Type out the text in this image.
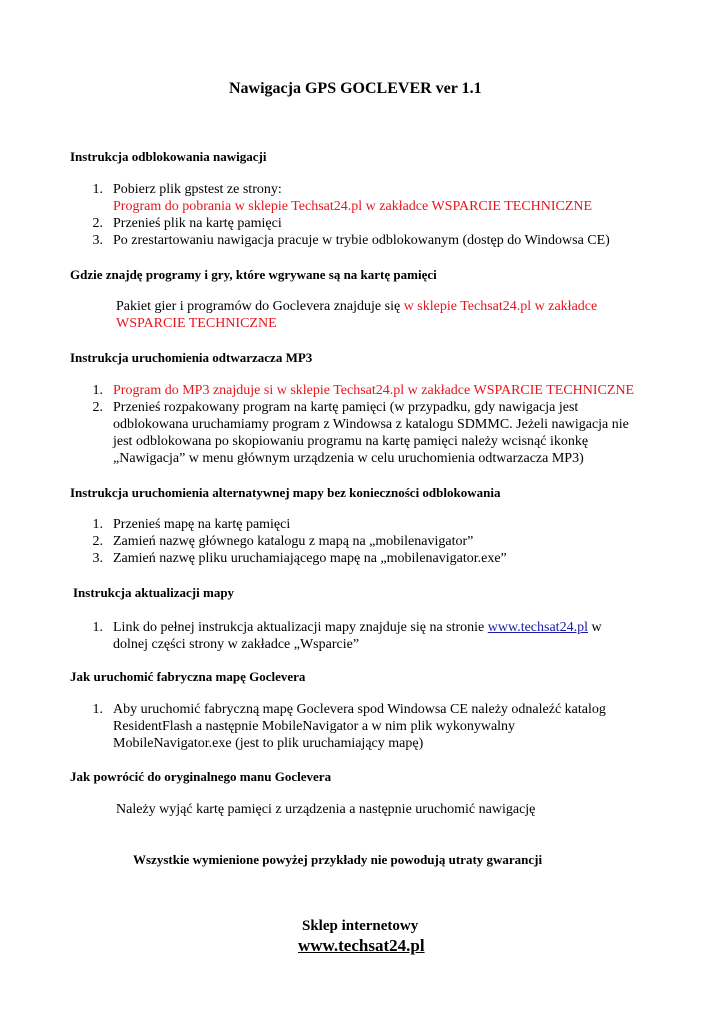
Nawigacja GPS GOCLEVER ver 1.1
Instrukcja odblokowania nawigacji
1. Pobierz plik gpstest ze strony:
Program do pobrania w sklepie Techsat24.pl w zakładce WSPARCIE TECHNICZNE
2. Przenieś plik na kartę pamięci
3. Po zrestartowaniu nawigacja pracuje w trybie odblokowanym (dostęp do Windowsa CE)
Gdzie znajdę programy i gry, które wgrywane są na kartę pamięci
Pakiet gier i programów do Goclevera znajduje się w sklepie Techsat24.pl w zakładce
WSPARCIE TECHNICZNE
Instrukcja uruchomienia odtwarzacza MP3
1. Program do MP3 znajduje si w sklepie Techsat24.pl w zakładce WSPARCIE TECHNICZNE
2. Przenieś rozpakowany program na kartę pamięci (w przypadku, gdy nawigacja jest
odblokowana uruchamiamy program z Windowsa z katalogu SDMMC. Jeżeli nawigacja nie
jest odblokowana po skopiowaniu programu na kartę pamięci należy wcisnąć ikonkę
„Nawigacja” w menu głównym urządzenia w celu uruchomienia odtwarzacza MP3)
Instrukcja uruchomienia alternatywnej mapy bez konieczności odblokowania
1. Przenieś mapę na kartę pamięci
2. Zamień nazwę głównego katalogu z mapą na „mobilenavigator”
3. Zamień nazwę pliku uruchamiającego mapę na „mobilenavigator.exe”
Instrukcja aktualizacji mapy
1. Link do pełnej instrukcja aktualizacji mapy znajduje się na stronie www.techsat24.pl w
dolnej części strony w zakładce „Wsparcie”
Jak uruchomić fabryczna mapę Goclevera
1. Aby uruchomić fabryczną mapę Goclevera spod Windowsa CE należy odnaleźć katalog
ResidentFlash a następnie MobileNavigator a w nim plik wykonywalny
MobileNavigator.exe (jest to plik uruchamiający mapę)
Jak powrócić do oryginalnego manu Goclevera
Należy wyjąć kartę pamięci z urządzenia a następnie uruchomić nawigację
Wszystkie wymienione powyżej przykłady nie powodują utraty gwarancji
Sklep internetowy
www.techsat24.pl
